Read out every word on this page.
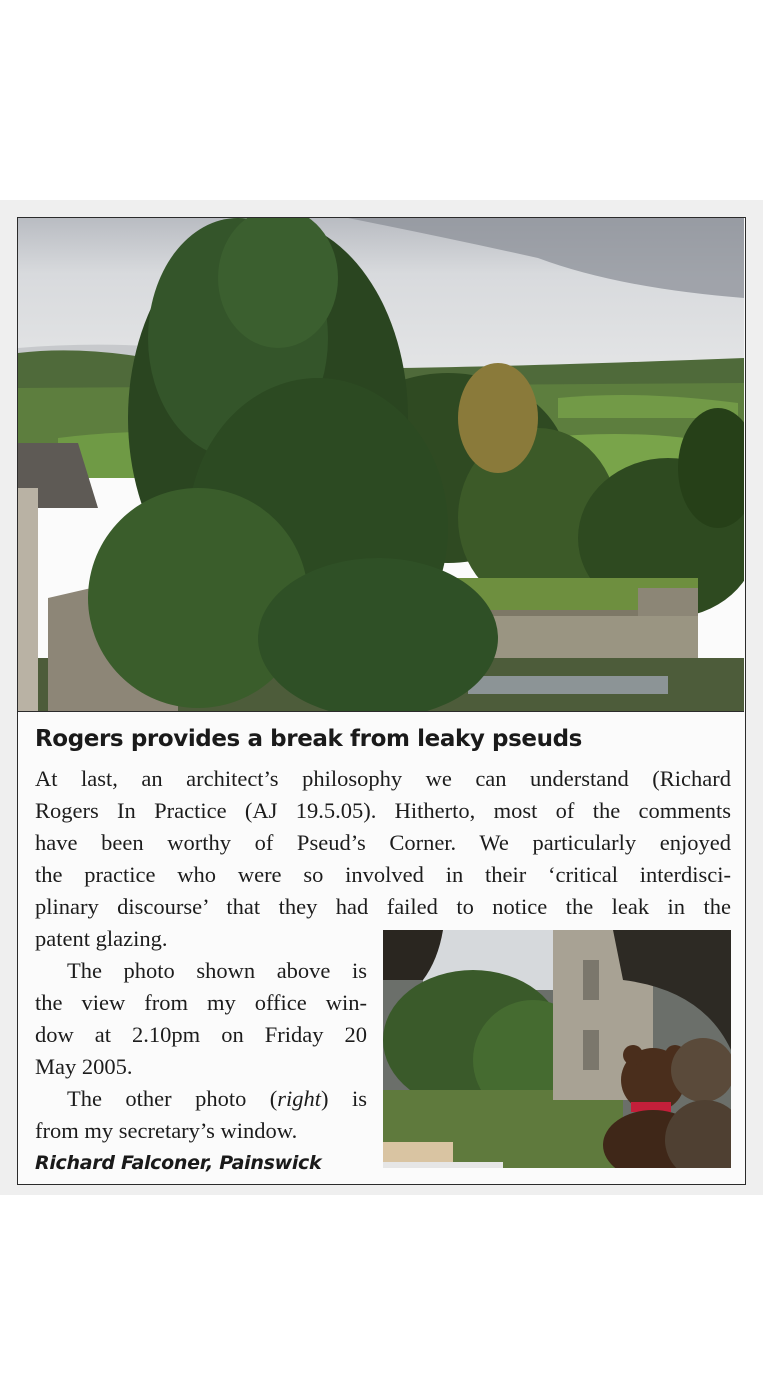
Rogers provides a break from leaky pseuds

At last, an architect’s philosophy we can understand (Richard
Rogers In Practice (AJ 19.5.05). Hitherto, most of the comments
have been worthy of Pseud’s Corner. We particularly enjoyed
the practice who were so involved in their ‘critical interdisci-
plinary discourse’ that they had failed to notice the leak in the
patent glazing.

The photo shown above is
the view from my office win-
dow at 2.10pm on Friday 20
May 2005.

The other photo (right) is
from my secretary’s window.

Richard Falconer, Painswick
